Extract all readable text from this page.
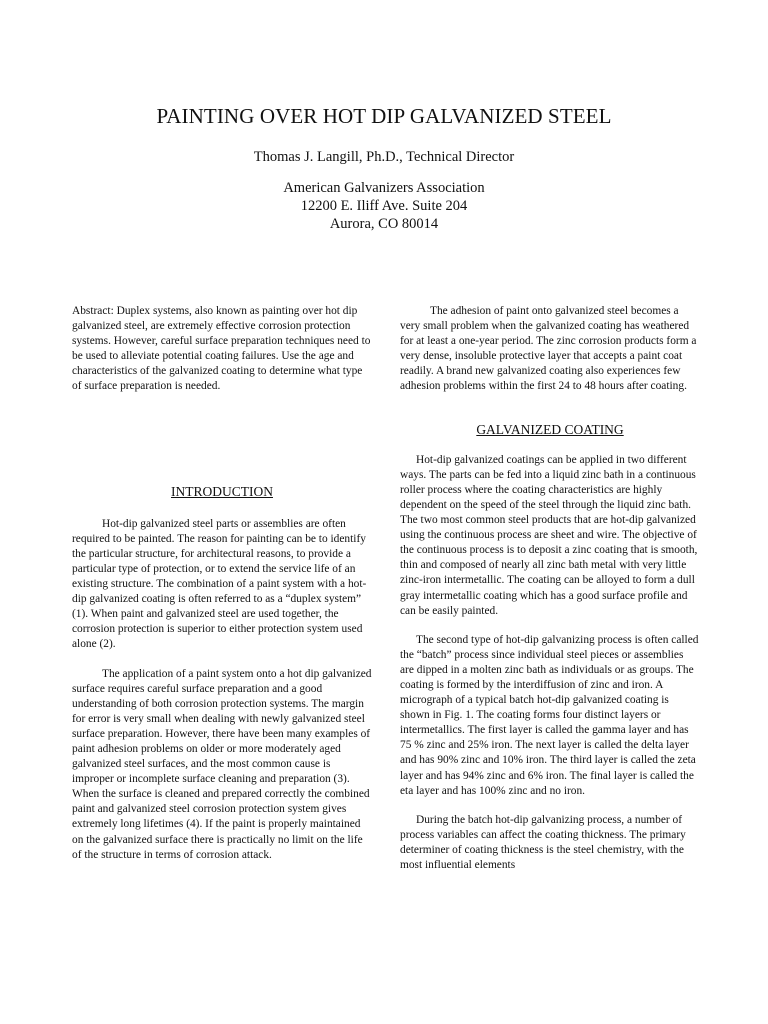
PAINTING OVER HOT DIP GALVANIZED STEEL
Thomas J. Langill, Ph.D., Technical Director
American Galvanizers Association
12200 E. Iliff Ave. Suite 204
Aurora, CO 80014

Abstract: Duplex systems, also known as painting over hot dip galvanized steel, are extremely effective corrosion protection systems. However, careful surface preparation techniques need to be used to alleviate potential coating failures. Use the age and characteristics of the galvanized coating to determine what type of surface preparation is needed.

INTRODUCTION

Hot-dip galvanized steel parts or assemblies are often required to be painted. The reason for painting can be to identify the particular structure, for architectural reasons, to provide a particular type of protection, or to extend the service life of an existing structure. The combination of a paint system with a hot-dip galvanized coating is often referred to as a “duplex system” (1). When paint and galvanized steel are used together, the corrosion protection is superior to either protection system used alone (2).

The application of a paint system onto a hot dip galvanized surface requires careful surface preparation and a good understanding of both corrosion protection systems. The margin for error is very small when dealing with newly galvanized steel surface preparation. However, there have been many examples of paint adhesion problems on older or more moderately aged galvanized steel surfaces, and the most common cause is improper or incomplete surface cleaning and preparation (3). When the surface is cleaned and prepared correctly the combined paint and galvanized steel corrosion protection system gives extremely long lifetimes (4). If the paint is properly maintained on the galvanized surface there is practically no limit on the life of the structure in terms of corrosion attack.

The adhesion of paint onto galvanized steel becomes a very small problem when the galvanized coating has weathered for at least a one-year period. The zinc corrosion products form a very dense, insoluble protective layer that accepts a paint coat readily. A brand new galvanized coating also experiences few adhesion problems within the first 24 to 48 hours after coating.

GALVANIZED COATING

Hot-dip galvanized coatings can be applied in two different ways. The parts can be fed into a liquid zinc bath in a continuous roller process where the coating characteristics are highly dependent on the speed of the steel through the liquid zinc bath. The two most common steel products that are hot-dip galvanized using the continuous process are sheet and wire. The objective of the continuous process is to deposit a zinc coating that is smooth, thin and composed of nearly all zinc bath metal with very little zinc-iron intermetallic. The coating can be alloyed to form a dull gray intermetallic coating which has a good surface profile and can be easily painted.

The second type of hot-dip galvanizing process is often called the “batch” process since individual steel pieces or assemblies are dipped in a molten zinc bath as individuals or as groups. The coating is formed by the interdiffusion of zinc and iron. A micrograph of a typical batch hot-dip galvanized coating is shown in Fig. 1. The coating forms four distinct layers or intermetallics. The first layer is called the gamma layer and has 75 % zinc and 25% iron. The next layer is called the delta layer and has 90% zinc and 10% iron. The third layer is called the zeta layer and has 94% zinc and 6% iron. The final layer is called the eta layer and has 100% zinc and no iron.

During the batch hot-dip galvanizing process, a number of process variables can affect the coating thickness. The primary determiner of coating thickness is the steel chemistry, with the most influential elements
